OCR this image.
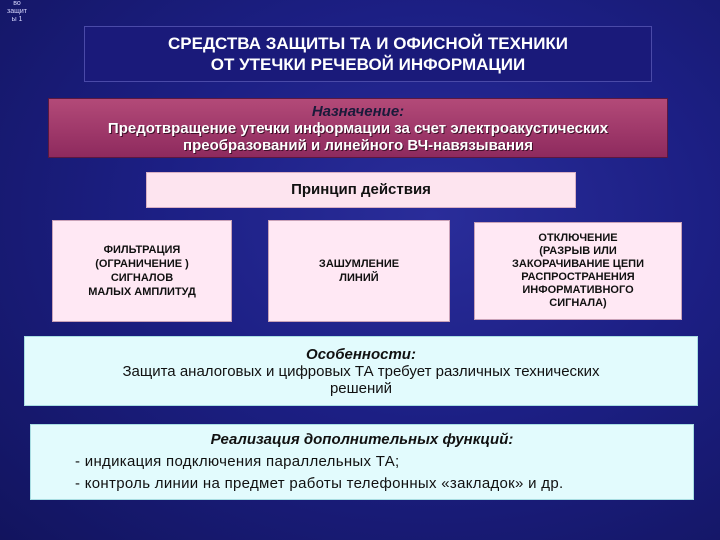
во
защит
ы 1
СРЕДСТВА ЗАЩИТЫ ТА И ОФИСНОЙ ТЕХНИКИ
ОТ УТЕЧКИ РЕЧЕВОЙ ИНФОРМАЦИИ
Назначение:
Предотвращение утечки информации за счет электроакустических
преобразований и линейного ВЧ-навязывания
Принцип действия
ФИЛЬТРАЦИЯ
(ОГРАНИЧЕНИЕ )
СИГНАЛОВ
МАЛЫХ АМПЛИТУД
ЗАШУМЛЕНИЕ
ЛИНИЙ
ОТКЛЮЧЕНИЕ
(РАЗРЫВ ИЛИ
ЗАКОРАЧИВАНИЕ ЦЕПИ
РАСПРОСТРАНЕНИЯ
ИНФОРМАТИВНОГО
СИГНАЛА)
Особенности:
Защита аналоговых и цифровых ТА требует различных технических
решений
Реализация дополнительных функций:
- индикация подключения параллельных ТА;
- контроль линии на предмет работы телефонных «закладок» и др.
